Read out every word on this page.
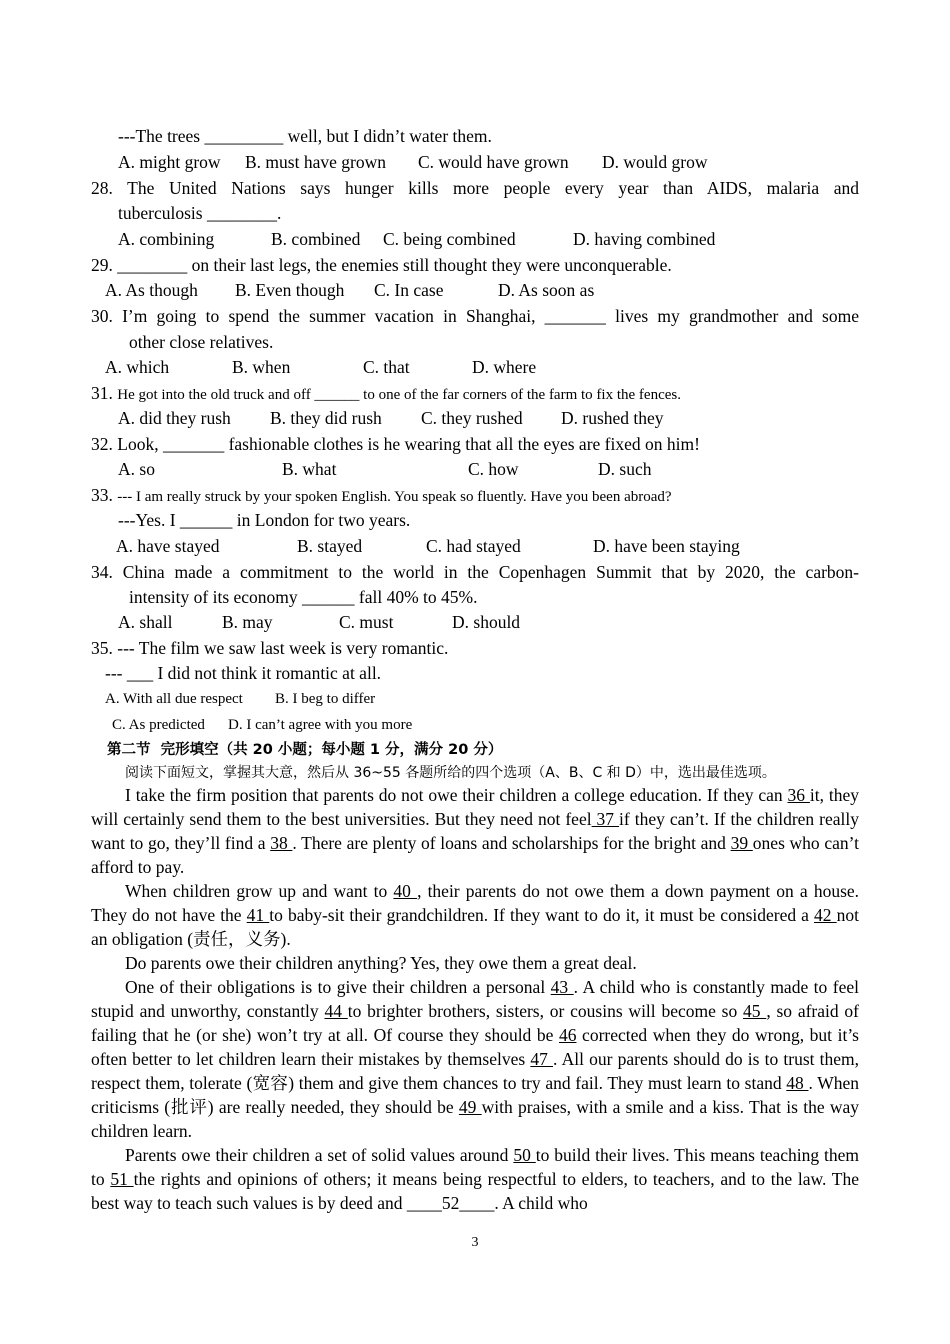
---The trees _________ well, but I didn’t water them.
A. might grow B. must have grown C. would have grown D. would grow
28. The United Nations says hunger kills more people every year than AIDS, malaria and
tuberculosis ________.
A. combining	B. combined C. being combined	D. having combined
29. ________ on their last legs, the enemies still thought they were unconquerable.
A. As though B. Even though C. In case	D. As soon as
30. I’m going to spend the summer vacation in Shanghai, _______ lives my grandmother and some
other close relatives.
A. which	B. when	C. that	D. where
31. He got into the old truck and off ______ to one of the far corners of the farm to fix the fences.
A. did they rush B. they did rush C. they rushed D. rushed they
32. Look, _______ fashionable clothes is he wearing that all the eyes are fixed on him!
A. so	B. what	C. how	D. such
33. --- I am really struck by your spoken English. You speak so fluently. Have you been abroad?
---Yes. I ______ in London for two years.
A. have stayed	B. stayed	C. had stayed	D. have been staying
34. China made a commitment to the world in the Copenhagen Summit that by 2020, the carbon-
intensity of its economy ______ fall 40% to 45%.
A. shall	B. may	C. must	D. should
35. --- The film we saw last week is very romantic.
--- ___ I did not think it romantic at all.
A. With all due respect B. I beg to differ
C. As predicted D. I can’t agree with you more
第二节  完形填空（共 20 小题；每小题 1 分，满分 20 分）
阅读下面短文，掌握其大意，然后从 36~55 各题所给的四个选项（A、B、C 和 D）中，选出最佳选项。

I take the firm position that parents do not owe their children a college education. If they can 36 it, they will certainly send them to the best universities. But they need not feel 37 if they can’t. If the children really want to go, they’ll find a 38 . There are plenty of loans and scholarships for the bright and 39 ones who can’t afford to pay.

When children grow up and want to 40 , their parents do not owe them a down payment on a house. They do not have the 41 to baby-sit their grandchildren. If they want to do it, it must be considered a 42 not an obligation (责任，义务).

Do parents owe their children anything? Yes, they owe them a great deal.

One of their obligations is to give their children a personal 43 . A child who is constantly made to feel stupid and unworthy, constantly 44 to brighter brothers, sisters, or cousins will become so 45 , so afraid of failing that he (or she) won’t try at all. Of course they should be 46 corrected when they do wrong, but it’s often better to let children learn their mistakes by themselves 47 . All our parents should do is to trust them, respect them, tolerate (宽容) them and give them chances to try and fail. They must learn to stand 48 . When criticisms (批评) are really needed, they should be 49 with praises, with a smile and a kiss. That is the way children learn.

Parents owe their children a set of solid values around 50 to build their lives. This means teaching them to 51 the rights and opinions of others; it means being respectful to elders, to teachers, and to the law. The best way to teach such values is by deed and ____52____. A child who

3
